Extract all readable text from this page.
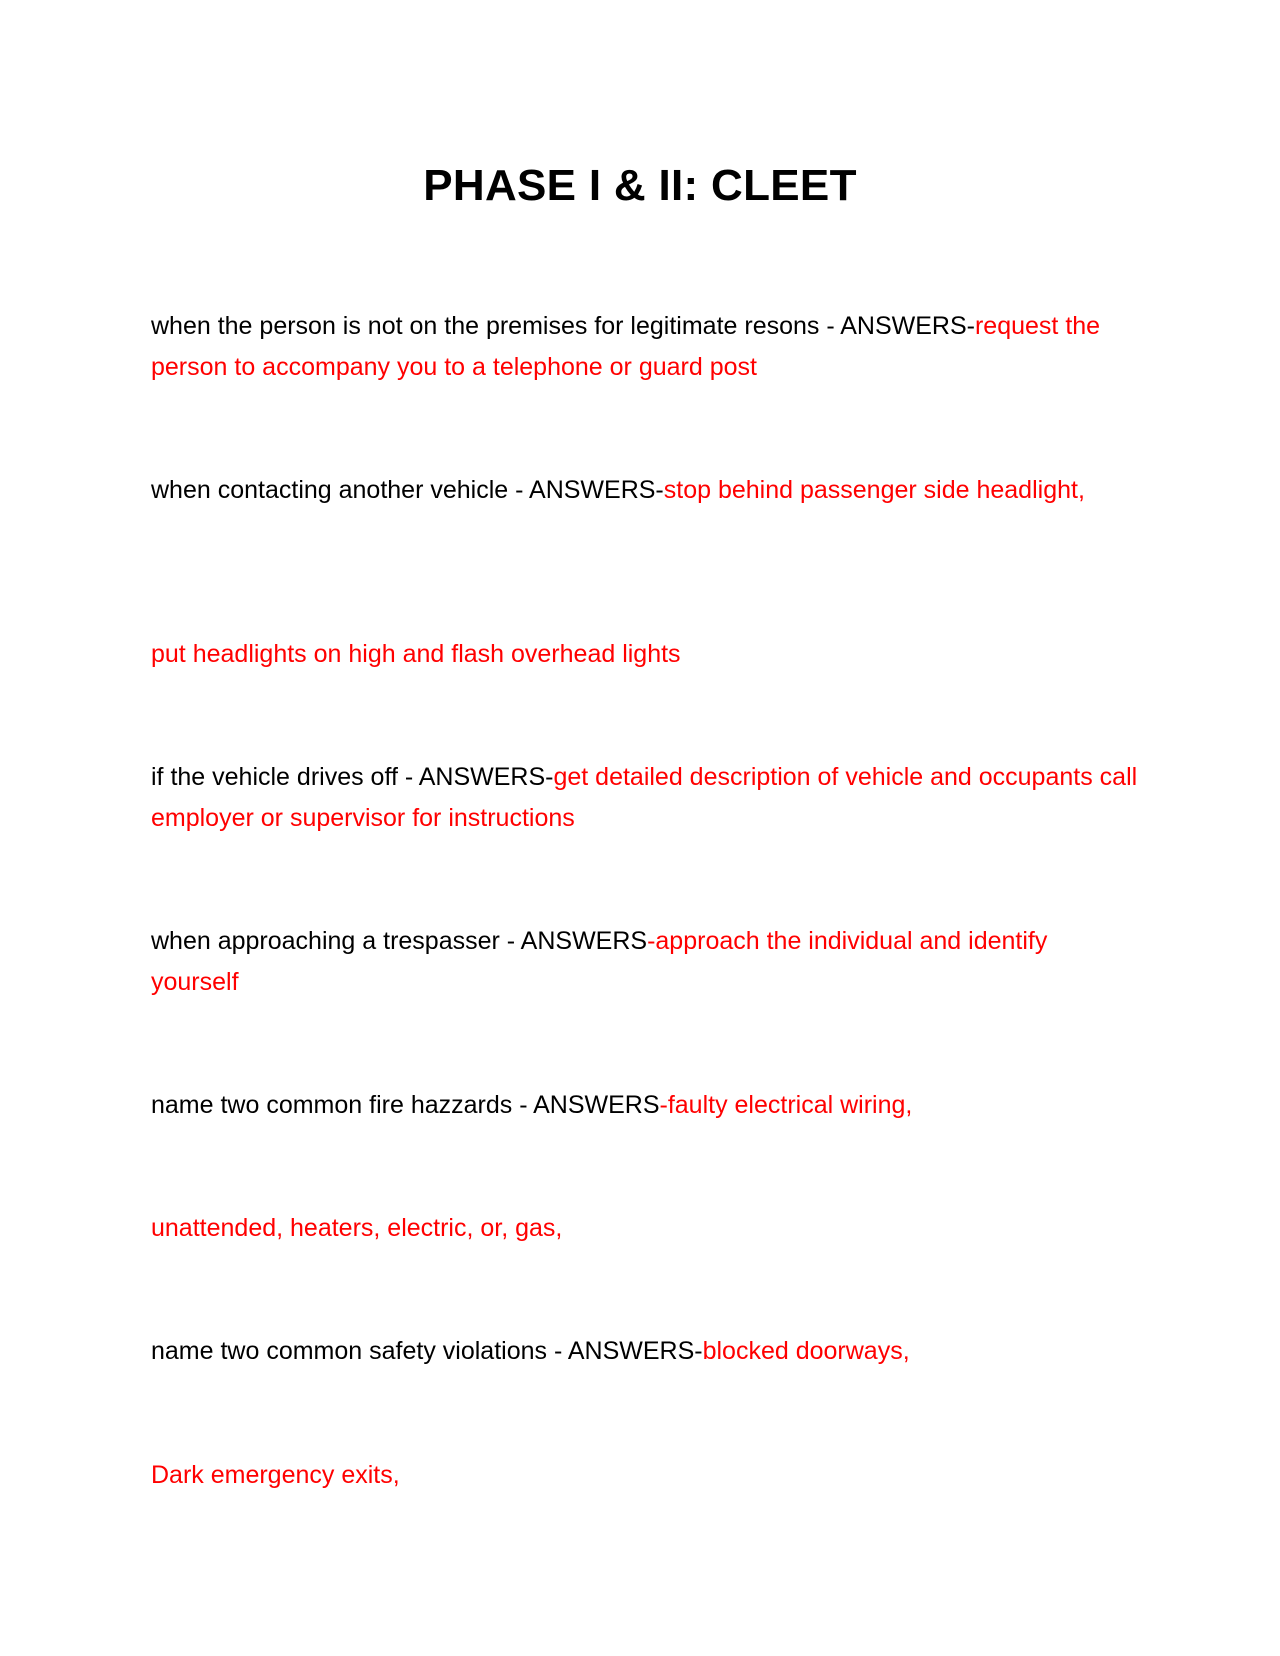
PHASE I & II: CLEET
when the person is not on the premises for legitimate resons - ANSWERS-request the person to accompany you to a telephone or guard post
when contacting another vehicle - ANSWERS-stop behind passenger side headlight,
put headlights on high and flash overhead lights
if the vehicle drives off - ANSWERS-get detailed description of vehicle and occupants call employer or supervisor for instructions
when approaching a trespasser - ANSWERS-approach the individual and identify yourself
name two common fire hazzards - ANSWERS-faulty electrical wiring,
unattended, heaters, electric, or, gas,
name two common safety violations - ANSWERS-blocked doorways,
Dark emergency exits,
